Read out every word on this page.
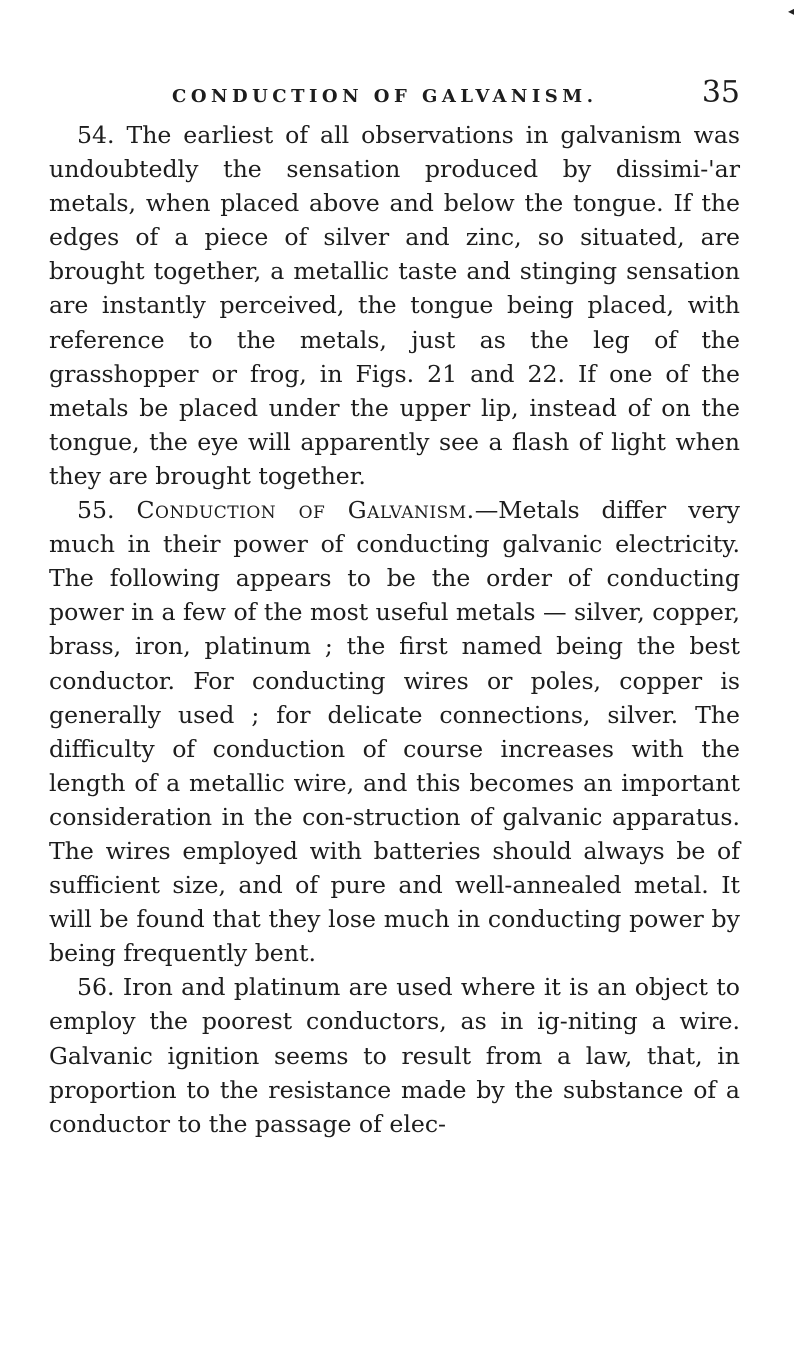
◂
CONDUCTION OF GALVANISM.	35

54. The earliest of all observations in galvanism was undoubtedly the sensation produced by dissimi-'ar metals, when placed above and below the tongue. If the edges of a piece of silver and zinc, so situated, are brought together, a metallic taste and stinging sensation are instantly perceived, the tongue being placed, with reference to the metals, just as the leg of the grasshopper or frog, in Figs. 21 and 22. If one of the metals be placed under the upper lip, instead of on the tongue, the eye will apparently see a flash of light when they are brought together.

55. Conduction of Galvanism.—Metals differ very much in their power of conducting galvanic electricity. The following appears to be the order of conducting power in a few of the most useful metals — silver, copper, brass, iron, platinum ; the first named being the best conductor. For conducting wires or poles, copper is generally used ; for delicate connections, silver. The difficulty of conduction of course increases with the length of a metallic wire, and this becomes an important consideration in the con-struction of galvanic apparatus. The wires employed with batteries should always be of sufficient size, and of pure and well-annealed metal. It will be found that they lose much in conducting power by being frequently bent.

56. Iron and platinum are used where it is an object to employ the poorest conductors, as in ig-niting a wire. Galvanic ignition seems to result from a law, that, in proportion to the resistance made by the substance of a conductor to the passage of elec-
